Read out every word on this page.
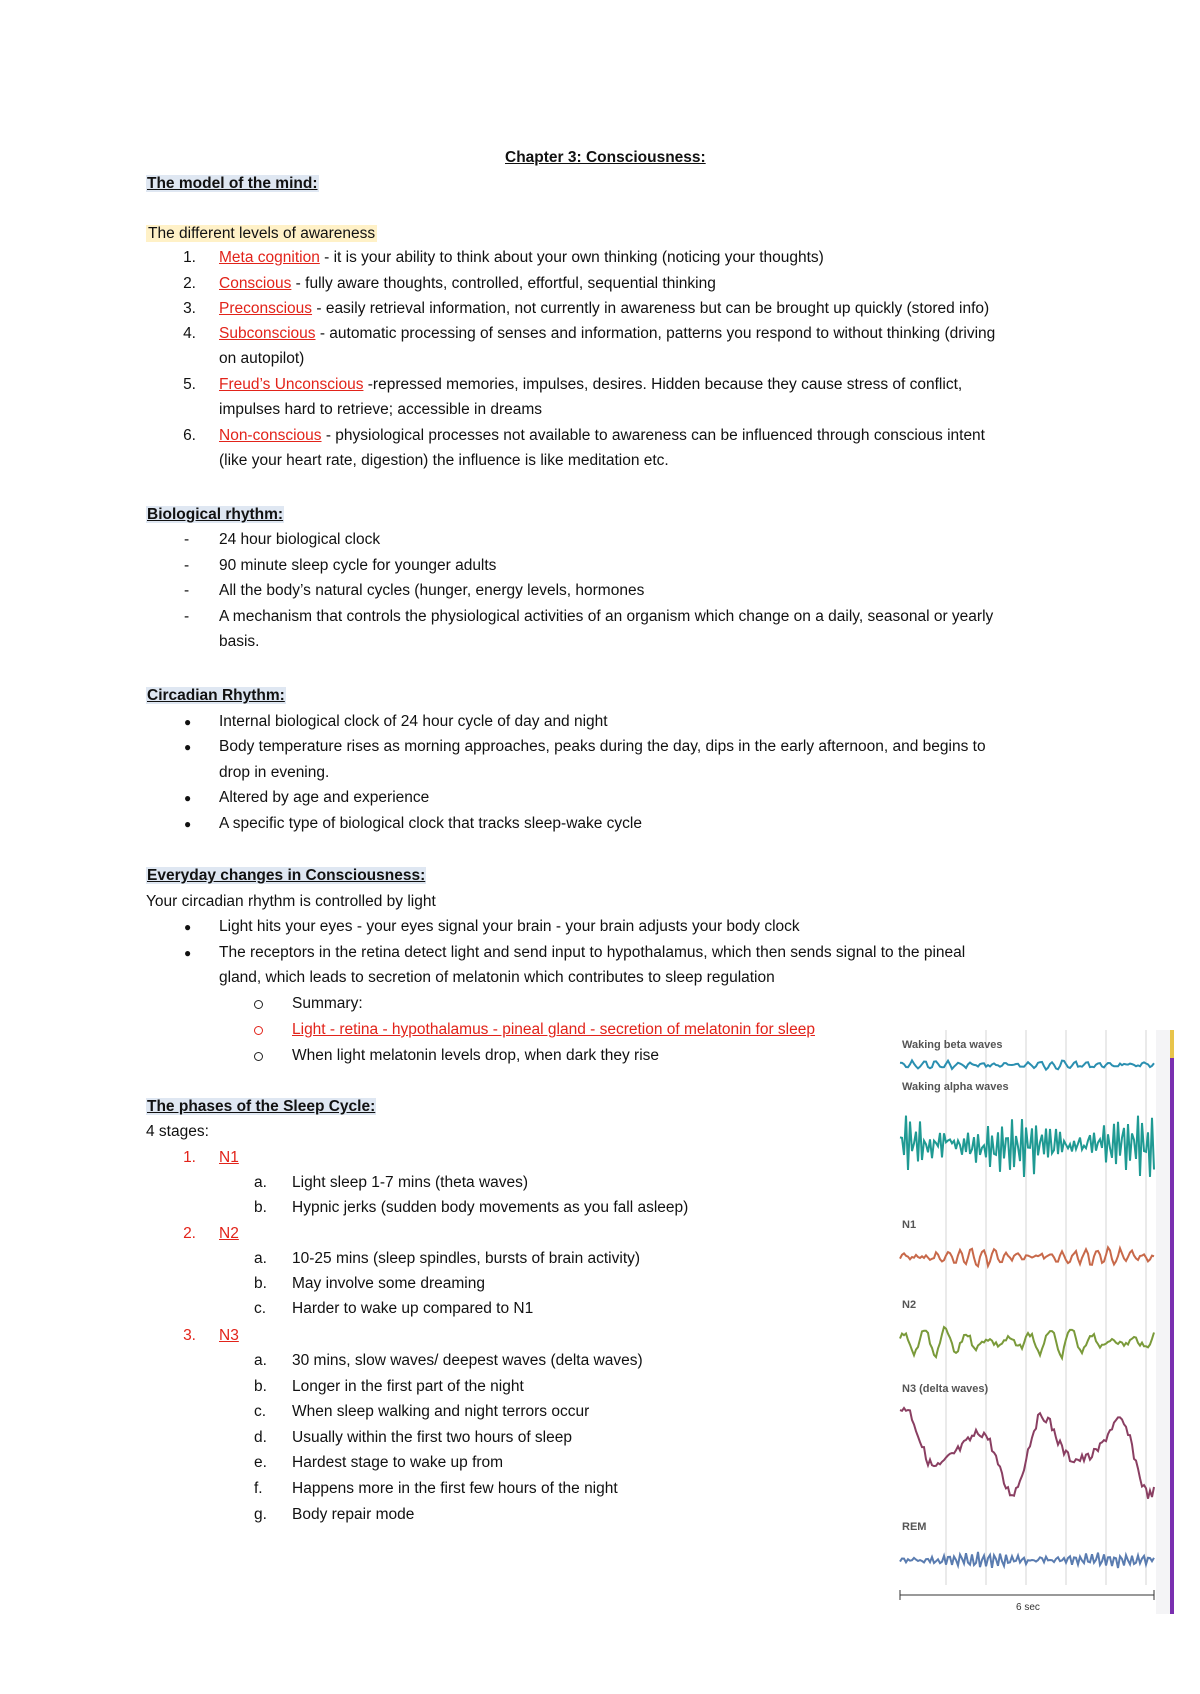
Chapter 3: Consciousness:
The model of the mind:
The different levels of awareness
1. Meta cognition - it is your ability to think about your own thinking (noticing your thoughts)
2. Conscious - fully aware thoughts, controlled, effortful, sequential thinking
3. Preconscious - easily retrieval information, not currently in awareness but can be brought up quickly (stored info)
4. Subconscious - automatic processing of senses and information, patterns you respond to without thinking (driving
on autopilot)
5. Freud’s Unconscious -repressed memories, impulses, desires. Hidden because they cause stress of conflict,
impulses hard to retrieve; accessible in dreams
6. Non-conscious - physiological processes not available to awareness can be influenced through conscious intent
(like your heart rate, digestion) the influence is like meditation etc.
Biological rhythm:
- 24 hour biological clock
- 90 minute sleep cycle for younger adults
- All the body’s natural cycles (hunger, energy levels, hormones
- A mechanism that controls the physiological activities of an organism which change on a daily, seasonal or yearly
basis.
Circadian Rhythm:
● Internal biological clock of 24 hour cycle of day and night
● Body temperature rises as morning approaches, peaks during the day, dips in the early afternoon, and begins to
● Altered by age and experience
● A specific type of biological clock that tracks sleep-wake cycle
drop in evening.
Everyday changes in Consciousness:
Your circadian rhythm is controlled by light
● Light hits your eyes - your eyes signal your brain - your brain adjusts your body clock
● The receptors in the retina detect light and send input to hypothalamus, which then sends signal to the pineal
gland, which leads to secretion of melatonin which contributes to sleep regulation
Summary:
Light - retina - hypothalamus - pineal gland - secretion of melatonin for sleep
When light melatonin levels drop, when dark they rise
The phases of the Sleep Cycle:
4 stages:
1. N1
a. Light sleep 1-7 mins (theta waves)
b. Hypnic jerks (sudden body movements as you fall asleep)
2. N2
a. 10-25 mins (sleep spindles, bursts of brain activity)
b. May involve some dreaming
c. Harder to wake up compared to N1
3. N3
a. 30 mins, slow waves/ deepest waves (delta waves)
b. Longer in the first part of the night
c. When sleep walking and night terrors occur
d. Usually within the first two hours of sleep
e. Hardest stage to wake up from
f. Happens more in the first few hours of the night
g. Body repair mode
Waking beta waves
Waking alpha waves
N1
N2
N3 (delta waves)
REM
6 sec
